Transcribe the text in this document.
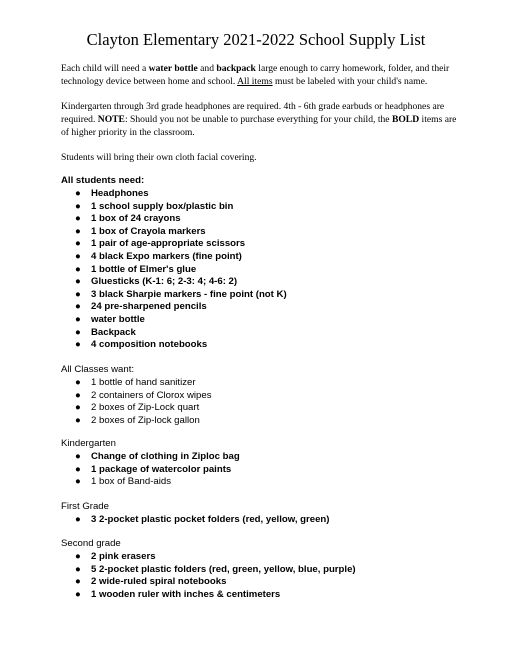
Clayton Elementary 2021-2022 School Supply List
Each child will need a water bottle and backpack large enough to carry homework, folder, and their technology device between home and school. All items must be labeled with your child's name.
Kindergarten through 3rd grade headphones are required. 4th - 6th grade earbuds or headphones are required. NOTE: Should you not be unable to purchase everything for your child, the BOLD items are of higher priority in the classroom.
Students will bring their own cloth facial covering.
All students need:
● Headphones
● 1 school supply box/plastic bin
● 1 box of 24 crayons
● 1 box of Crayola markers
● 1 pair of age-appropriate scissors
● 4 black Expo markers (fine point)
● 1 bottle of Elmer's glue
● Gluesticks (K-1: 6; 2-3: 4; 4-6: 2)
● 3 black Sharpie markers - fine point (not K)
● 24 pre-sharpened pencils
● water bottle
● Backpack
● 4 composition notebooks
All Classes want:
● 1 bottle of hand sanitizer
● 2 containers of Clorox wipes
● 2 boxes of Zip-Lock quart
● 2 boxes of Zip-lock gallon
Kindergarten
● Change of clothing in Ziploc bag
● 1 package of watercolor paints
● 1 box of Band-aids
First Grade
● 3 2-pocket plastic pocket folders (red, yellow, green)
Second grade
● 2 pink erasers
● 5 2-pocket plastic folders (red, green, yellow, blue, purple)
● 2 wide-ruled spiral notebooks
● 1 wooden ruler with inches & centimeters
